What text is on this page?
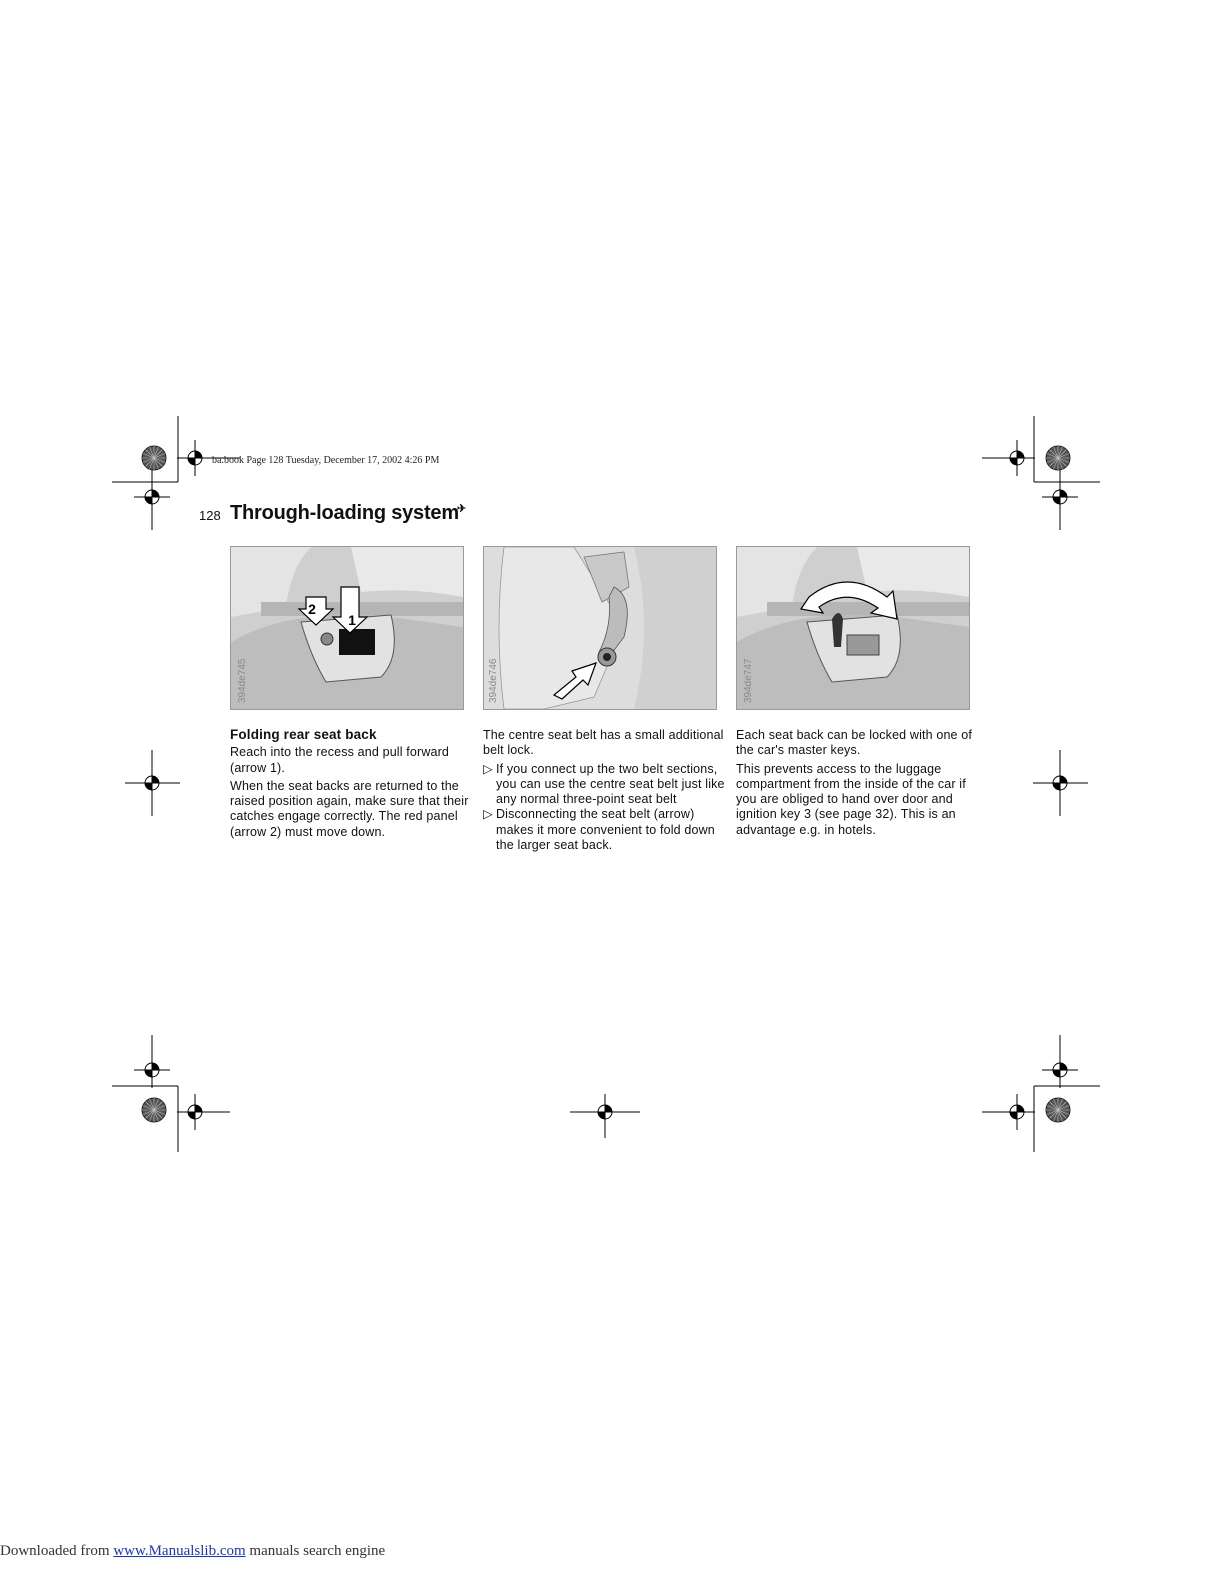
ba.book Page 128 Tuesday, December 17, 2002 4:26 PM
128 Through-loading system✈
2
1
394de745	394de746	394de747
Folding rear seat back

Reach into the recess and pull forward (arrow 1).

When the seat backs are returned to the raised position again, make sure that their catches engage correctly. The red panel (arrow 2) must move down.

The centre seat belt has a small additional belt lock.

▷ If you connect up the two belt sections, you can use the centre seat belt just like any normal three-point seat belt
▷ Disconnecting the seat belt (arrow) makes it more convenient to fold down the larger seat back.

Each seat back can be locked with one of the car's master keys.

This prevents access to the luggage compartment from the inside of the car if you are obliged to hand over door and ignition key 3 (see page 32). This is an advantage e.g. in hotels.

Downloaded from www.Manualslib.com manuals search engine
